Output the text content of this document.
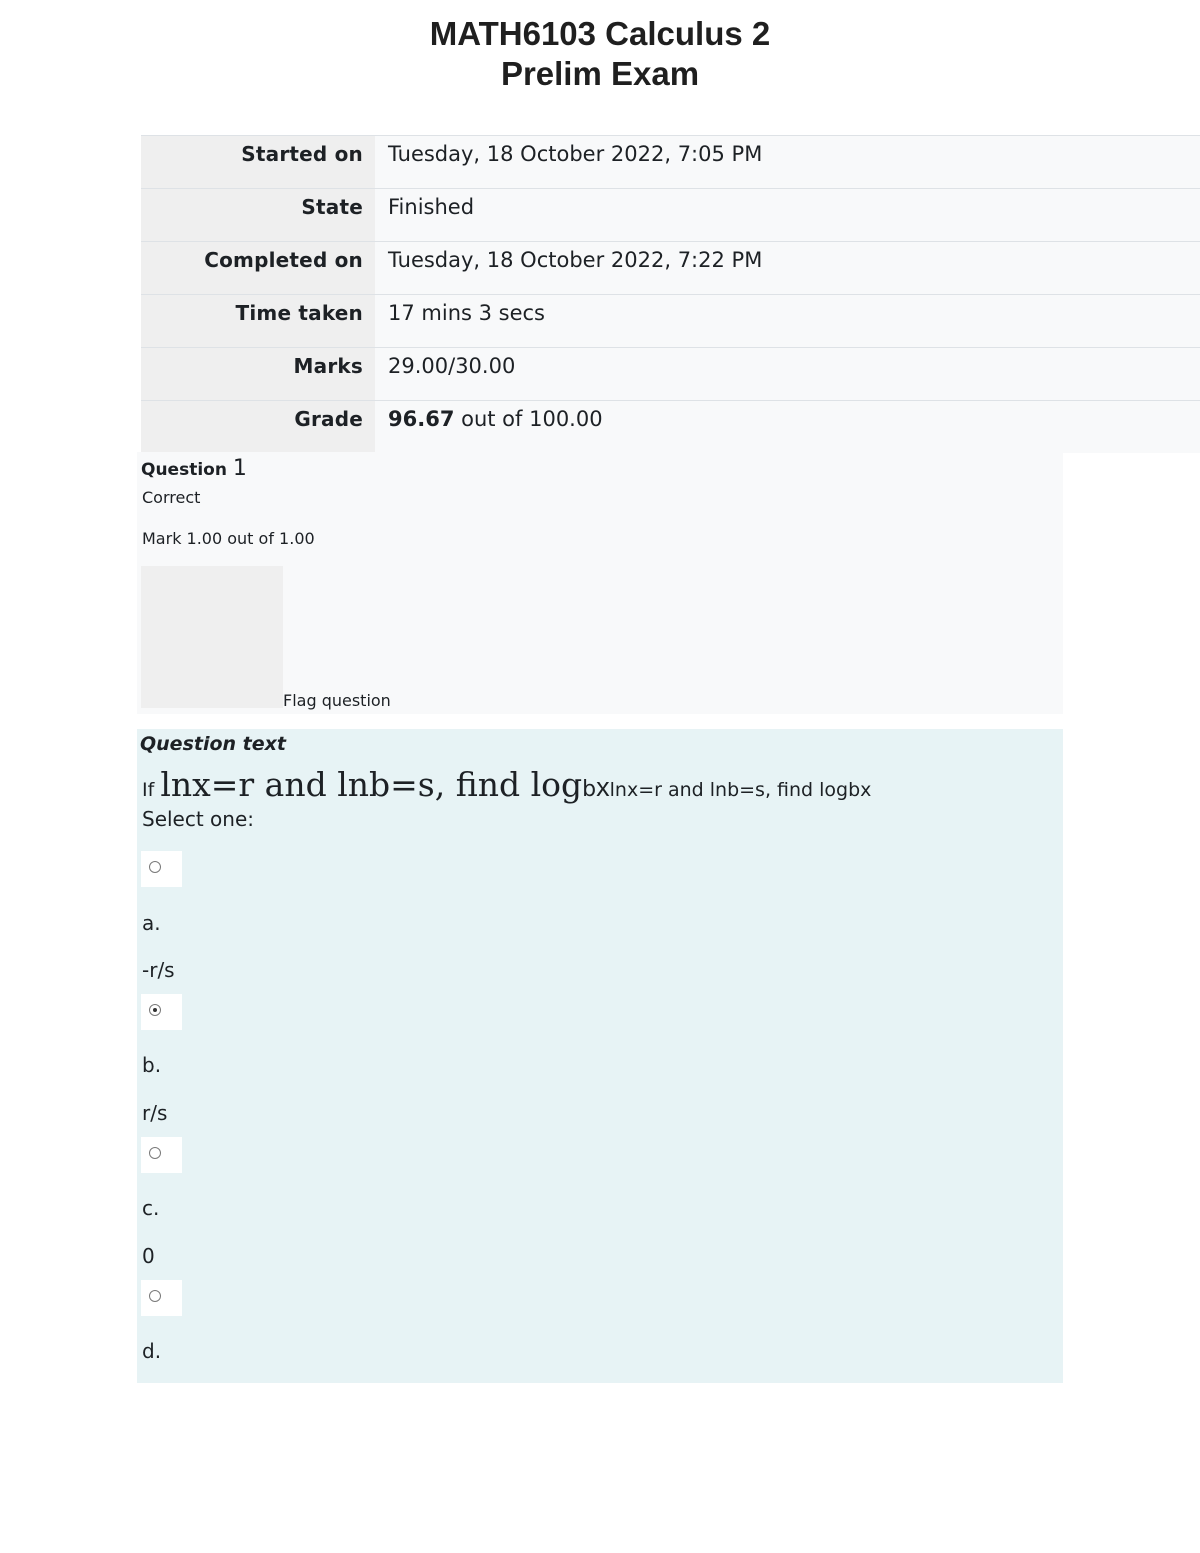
MATH6103 Calculus 2
Prelim Exam
Started on	Tuesday, 18 October 2022, 7:05 PM
State	Finished
Completed on	Tuesday, 18 October 2022, 7:22 PM
Time taken	17 mins 3 secs
Marks	29.00/30.00
Grade	96.67 out of 100.00
Question 1
Correct
Mark 1.00 out of 1.00
Flag question
Question text
If lnx=r and lnb=s, find logbxln⁡x=r and ln⁡b=s, find logb⁡x
Select one:
a.
-r/s
b.
r/s
c.
0
d.
